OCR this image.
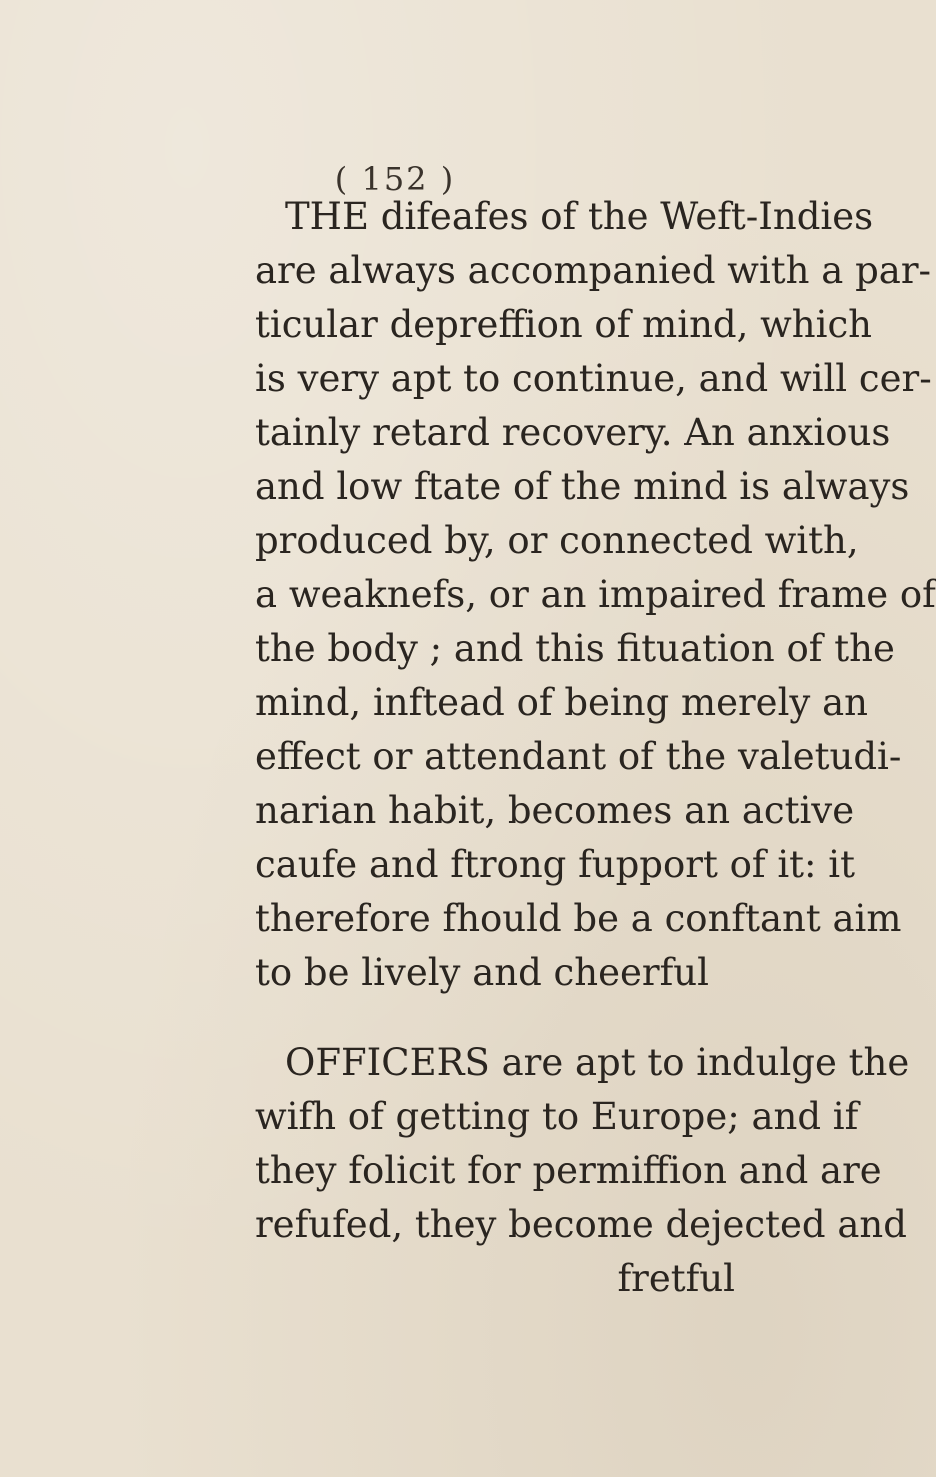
( 152 )
THE difeafes of the Weft-Indies
are always accompanied with a par-
ticular depreffion of mind, which
is very apt to continue, and will cer-
tainly retard recovery. An anxious
and low ftate of the mind is always
produced by, or connected with,
a weaknefs, or an impaired frame of
the body ; and this fituation of the
mind, inftead of being merely an
effect or attendant of the valetudi-
narian habit, becomes an active
caufe and ftrong fupport of it: it
therefore fhould be a conftant aim
to be lively and cheerful
OFFICERS are apt to indulge the
wifh of getting to Europe; and if
they folicit for permiffion and are
refufed, they become dejected and
fretful
